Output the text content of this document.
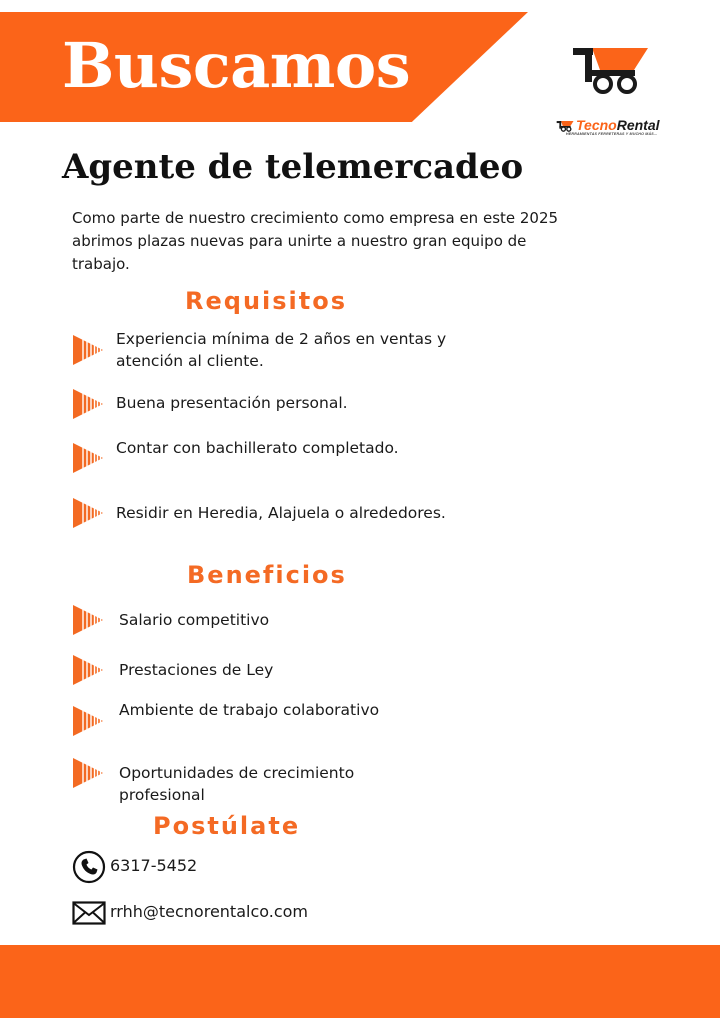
Buscamos
TecnoRental
HERRAMIENTAS FERRETERAS Y MUCHO MÁS...
Agente de telemercadeo
Como parte de nuestro crecimiento como empresa en este 2025 abrimos plazas nuevas para unirte a nuestro gran equipo de trabajo.
Requisitos
Experiencia mínima de 2 años en ventas y atención al cliente.
Buena presentación personal.
Contar con bachillerato completado.
Residir en Heredia, Alajuela o alrededores.
Beneficios
Salario competitivo
Prestaciones de Ley
Ambiente de trabajo colaborativo
Oportunidades de crecimiento profesional
Postúlate
6317-5452
rrhh@tecnorentalco.com
